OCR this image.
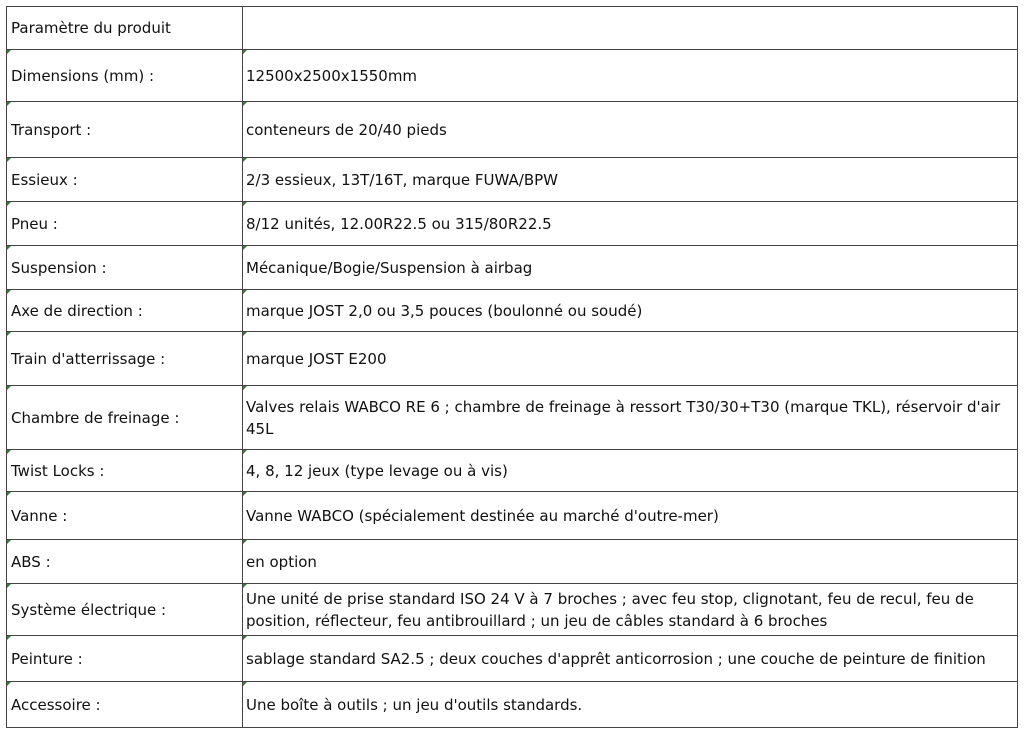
Paramètre du produit	
Dimensions (mm) :	12500x2500x1550mm

Transport :	conteneurs de 20/40 pieds

Essieux :	2/3 essieux, 13T/16T, marque FUWA/BPW

Pneu :	8/12 unités, 12.00R22.5 ou 315/80R22.5

Suspension :	Mécanique/Bogie/Suspension à airbag

Axe de direction :	marque JOST 2,0 ou 3,5 pouces (boulonné ou soudé)

Train d'atterrissage :	marque JOST E200

Chambre de freinage :	Valves relais WABCO RE 6 ; chambre de freinage à ressort T30/30+T30 (marque TKL), réservoir d'air 45L

Twist Locks :	4, 8, 12 jeux (type levage ou à vis)

Vanne :	Vanne WABCO (spécialement destinée au marché d'outre-mer)

ABS :	en option

Système électrique :	Une unité de prise standard ISO 24 V à 7 broches ; avec feu stop, clignotant, feu de recul, feu de position, réflecteur, feu antibrouillard ; un jeu de câbles standard à 6 broches

Peinture :	sablage standard SA2.5 ; deux couches d'apprêt anticorrosion ; une couche de peinture de finition

Accessoire :	Une boîte à outils ; un jeu d'outils standards.
